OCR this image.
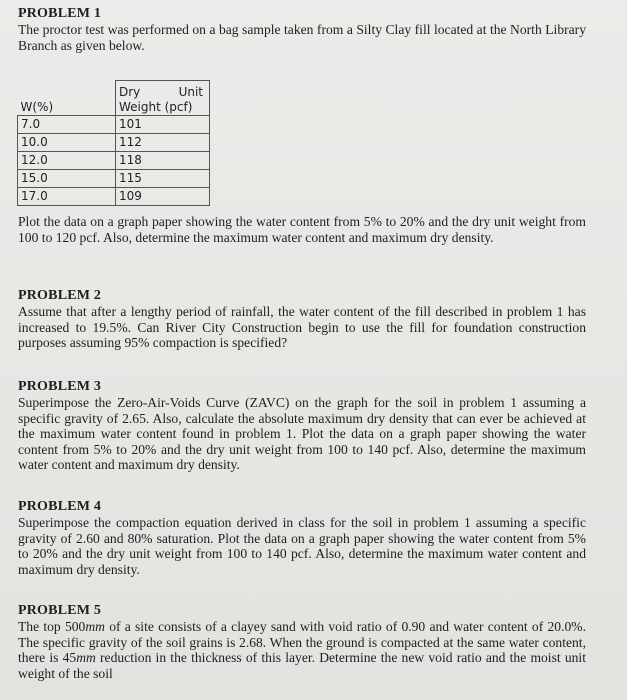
PROBLEM 1
The proctor test was performed on a bag sample taken from a Silty Clay fill located at the North Library Branch as given below.
W(%)	Dry Unit
Weight (pcf)

7.0	101
10.0	112
12.0	118
15.0	115
17.0	109
Plot the data on a graph paper showing the water content from 5% to 20% and the dry unit weight from 100 to 120 pcf. Also, determine the maximum water content and maximum dry density.
PROBLEM 2
Assume that after a lengthy period of rainfall, the water content of the fill described in problem 1 has increased to 19.5%. Can River City Construction begin to use the fill for foundation construction purposes assuming 95% compaction is specified?
PROBLEM 3
Superimpose the Zero-Air-Voids Curve (ZAVC) on the graph for the soil in problem 1 assuming a specific gravity of 2.65. Also, calculate the absolute maximum dry density that can ever be achieved at the maximum water content found in problem 1. Plot the data on a graph paper showing the water content from 5% to 20% and the dry unit weight from 100 to 140 pcf. Also, determine the maximum water content and maximum dry density.
PROBLEM 4
Superimpose the compaction equation derived in class for the soil in problem 1 assuming a specific gravity of 2.60 and 80% saturation. Plot the data on a graph paper showing the water content from 5% to 20% and the dry unit weight from 100 to 140 pcf. Also, determine the maximum water content and maximum dry density.
PROBLEM 5
The top 500mm of a site consists of a clayey sand with void ratio of 0.90 and water content of 20.0%. The specific gravity of the soil grains is 2.68. When the ground is compacted at the same water content, there is 45mm reduction in the thickness of this layer. Determine the new void ratio and the moist unit weight of the soil
